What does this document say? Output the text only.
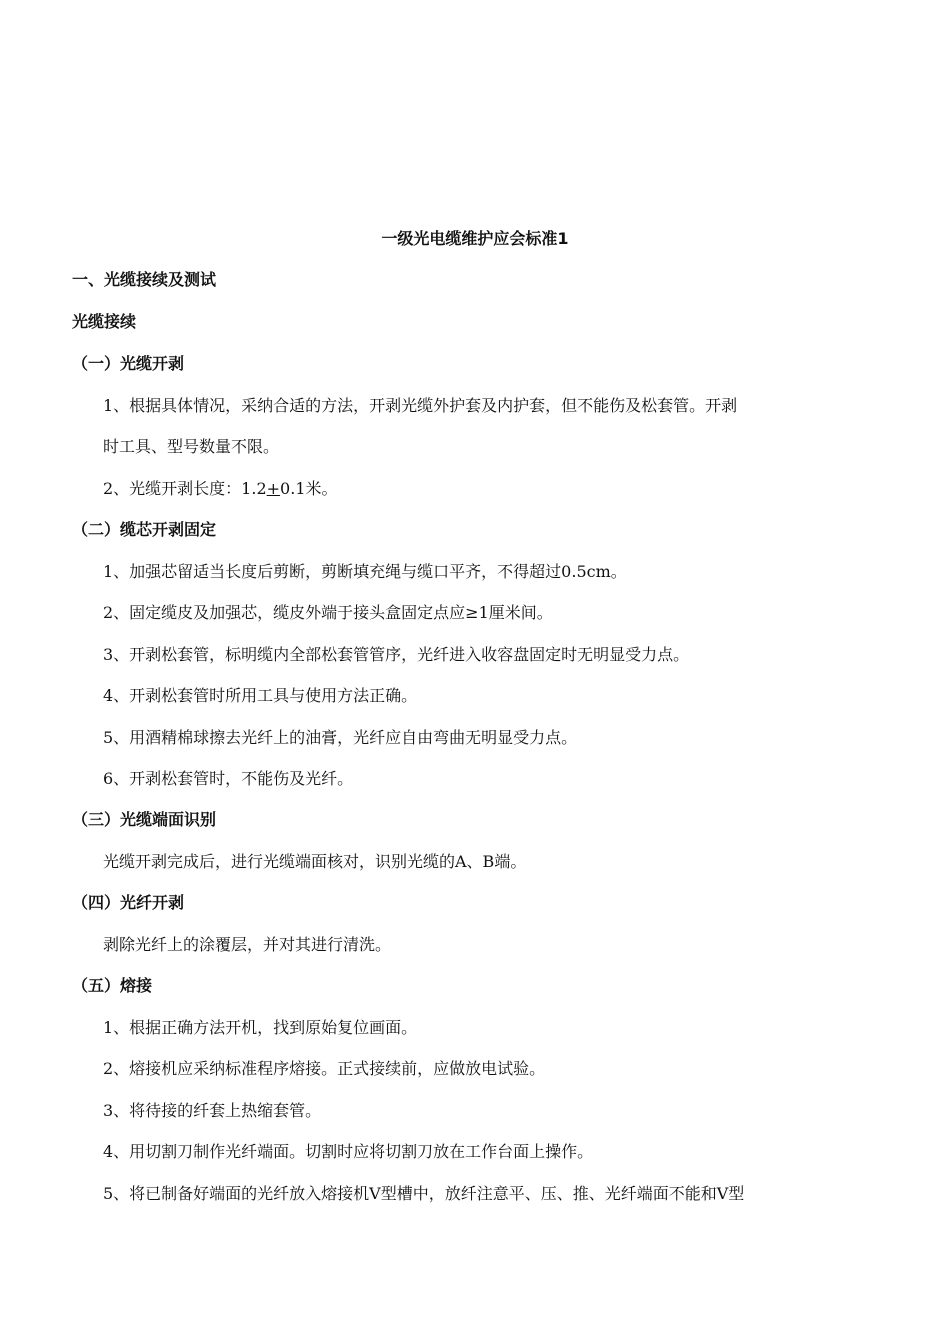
一级光电缆维护应会标准1
一、光缆接续及测试
光缆接续
（一）光缆开剥
1、根据具体情况，采纳合适的方法，开剥光缆外护套及内护套，但不能伤及松套管。开剥
时工具、型号数量不限。
2、光缆开剥长度：1.2+0.1米。
（二）缆芯开剥固定
1、加强芯留适当长度后剪断，剪断填充绳与缆口平齐，不得超过0.5cm。
2、固定缆皮及加强芯，缆皮外端于接头盒固定点应≥1厘米间。
3、开剥松套管，标明缆内全部松套管管序，光纤进入收容盘固定时无明显受力点。
4、开剥松套管时所用工具与使用方法正确。
5、用酒精棉球擦去光纤上的油膏，光纤应自由弯曲无明显受力点。
6、开剥松套管时，不能伤及光纤。
（三）光缆端面识别
光缆开剥完成后，进行光缆端面核对，识别光缆的A、B端。
（四）光纤开剥
剥除光纤上的涂覆层，并对其进行清洗。
（五）熔接
1、根据正确方法开机，找到原始复位画面。
2、熔接机应采纳标准程序熔接。正式接续前，应做放电试验。
3、将待接的纤套上热缩套管。
4、用切割刀制作光纤端面。切割时应将切割刀放在工作台面上操作。
5、将已制备好端面的光纤放入熔接机V型槽中，放纤注意平、压、推、光纤端面不能和V型
